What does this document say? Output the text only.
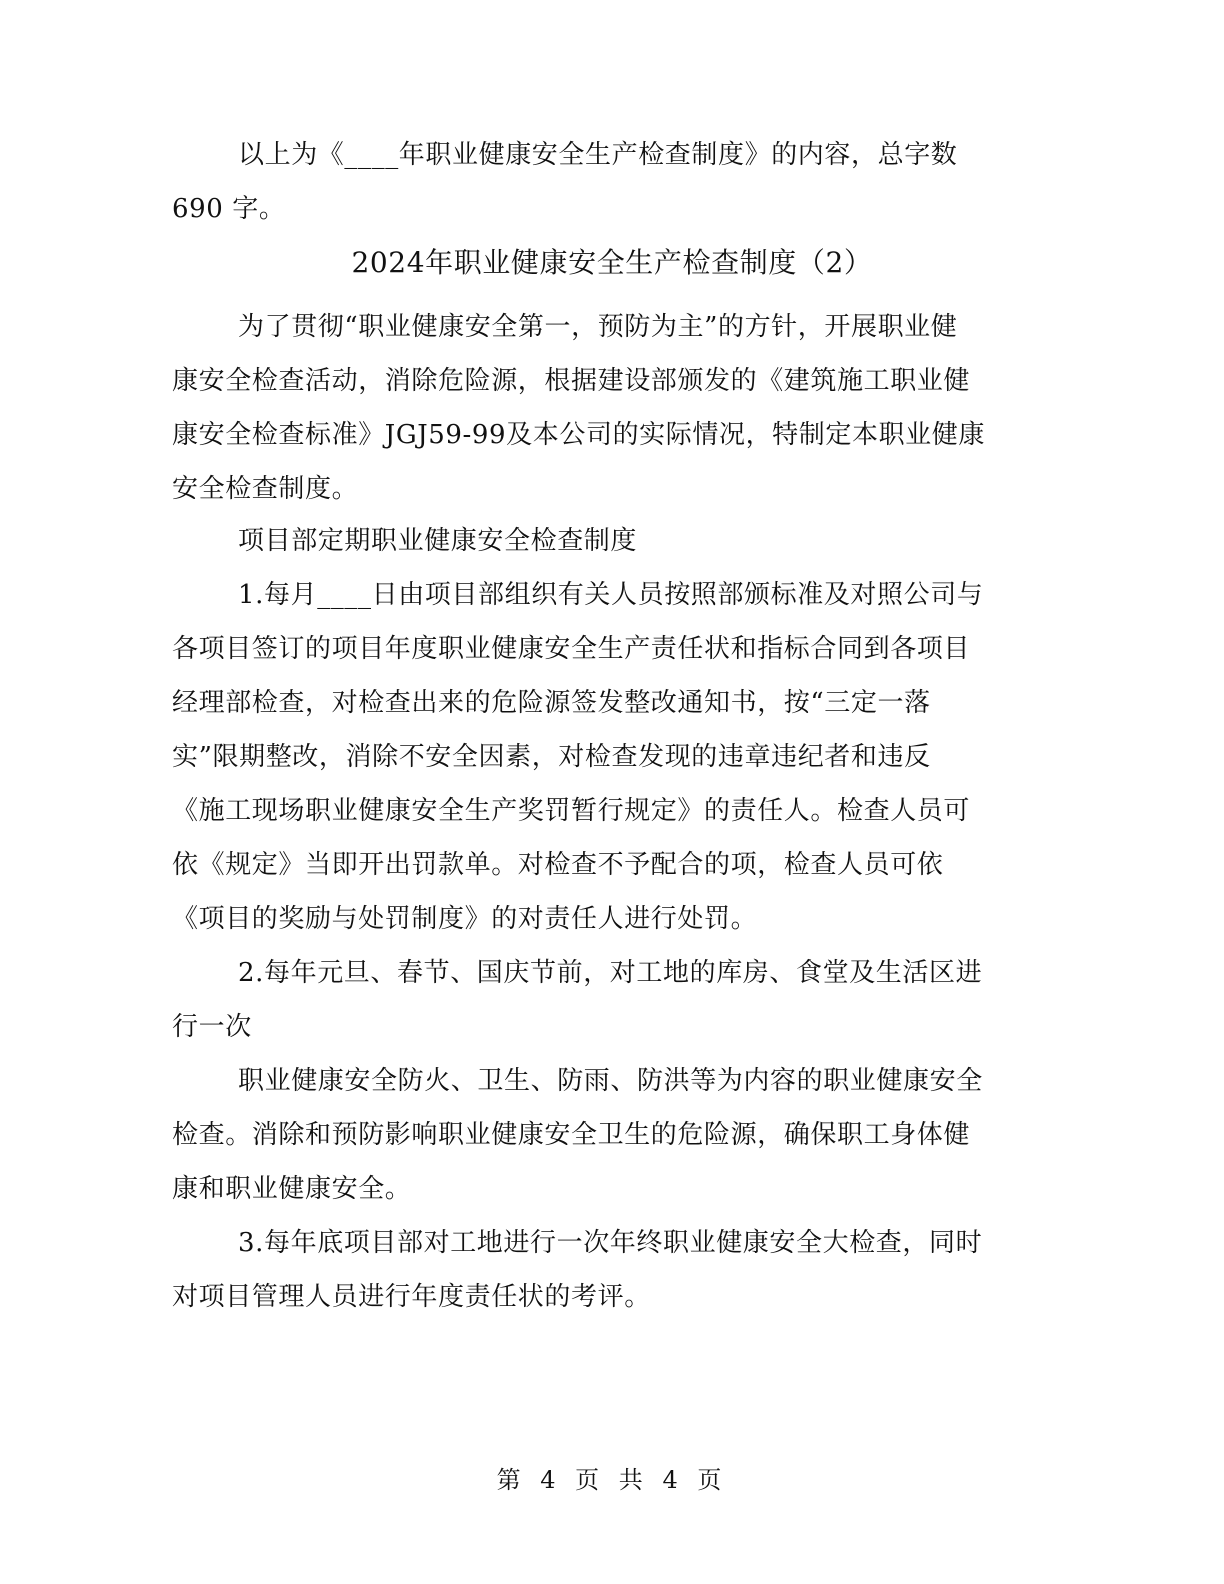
以上为《____年职业健康安全生产检查制度》的内容，总字数
690 字。
2024年职业健康安全生产检查制度（2）
为了贯彻“职业健康安全第一，预防为主”的方针，开展职业健
康安全检查活动，消除危险源，根据建设部颁发的《建筑施工职业健
康安全检查标准》JGJ59-99及本公司的实际情况，特制定本职业健康
安全检查制度。
项目部定期职业健康安全检查制度
1.每月____日由项目部组织有关人员按照部颁标准及对照公司与
各项目签订的项目年度职业健康安全生产责任状和指标合同到各项目
经理部检查，对检查出来的危险源签发整改通知书，按“三定一落
实”限期整改，消除不安全因素，对检查发现的违章违纪者和违反
《施工现场职业健康安全生产奖罚暂行规定》的责任人。检查人员可
依《规定》当即开出罚款单。对检查不予配合的项，检查人员可依
《项目的奖励与处罚制度》的对责任人进行处罚。
2.每年元旦、春节、国庆节前，对工地的库房、食堂及生活区进
行一次
职业健康安全防火、卫生、防雨、防洪等为内容的职业健康安全
检查。消除和预防影响职业健康安全卫生的危险源，确保职工身体健
康和职业健康安全。
3.每年底项目部对工地进行一次年终职业健康安全大检查，同时
对项目管理人员进行年度责任状的考评。
第 4 页 共 4 页
